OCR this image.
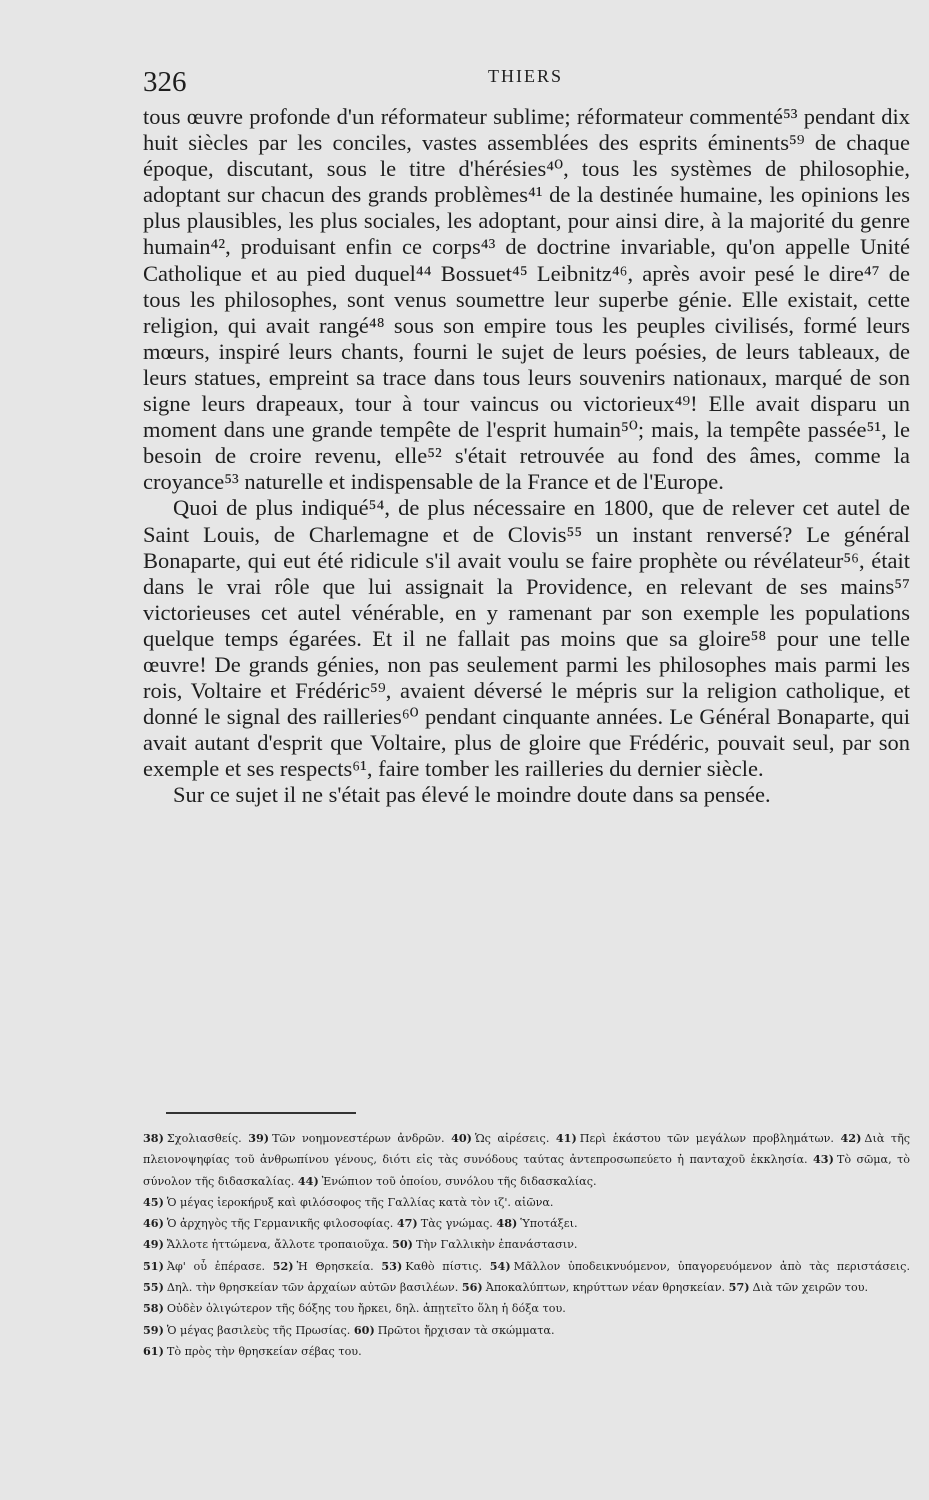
326	THIERS

tous œuvre profonde d'un réformateur sublime; réformateur commenté⁵³ pendant dix huit siècles par les conciles, vastes assemblées des esprits éminents⁵⁹ de chaque époque, discutant, sous le titre d'hérésies⁴⁰, tous les systèmes de philosophie, adoptant sur chacun des grands problèmes⁴¹ de la destinée humaine, les opinions les plus plausibles, les plus sociales, les adoptant, pour ainsi dire, à la majorité du genre humain⁴², produisant enfin ce corps⁴³ de doctrine invariable, qu'on appelle Unité Catholique et au pied duquel⁴⁴ Bossuet⁴⁵ Leibnitz⁴⁶, après avoir pesé le dire⁴⁷ de tous les philosophes, sont venus soumettre leur superbe génie. Elle existait, cette religion, qui avait rangé⁴⁸ sous son empire tous les peuples civilisés, formé leurs mœurs, inspiré leurs chants, fourni le sujet de leurs poésies, de leurs tableaux, de leurs statues, empreint sa trace dans tous leurs souvenirs nationaux, marqué de son signe leurs drapeaux, tour à tour vaincus ou victorieux⁴⁹! Elle avait disparu un moment dans une grande tempête de l'esprit humain⁵⁰; mais, la tempête passée⁵¹, le besoin de croire revenu, elle⁵² s'était retrouvée au fond des âmes, comme la croyance⁵³ naturelle et indispensable de la France et de l'Europe.

Quoi de plus indiqué⁵⁴, de plus nécessaire en 1800, que de relever cet autel de Saint Louis, de Charlemagne et de Clovis⁵⁵ un instant renversé? Le général Bonaparte, qui eut été ridicule s'il avait voulu se faire prophète ou révélateur⁵⁶, était dans le vrai rôle que lui assignait la Providence, en relevant de ses mains⁵⁷ victorieuses cet autel vénérable, en y ramenant par son exemple les populations quelque temps égarées. Et il ne fallait pas moins que sa gloire⁵⁸ pour une telle œuvre! De grands génies, non pas seulement parmi les philosophes mais parmi les rois, Voltaire et Frédéric⁵⁹, avaient déversé le mépris sur la religion catholique, et donné le signal des railleries⁶⁰ pendant cinquante années. Le Général Bonaparte, qui avait autant d'esprit que Voltaire, plus de gloire que Frédéric, pouvait seul, par son exemple et ses respects⁶¹, faire tomber les railleries du dernier siècle.

Sur ce sujet il ne s'était pas élevé le moindre doute dans sa pensée.

38) Σχολιασθείς. 39) Τῶν νοημονεστέρων ἀνδρῶν. 40) Ὡς αἱρέσεις. 41) Περὶ ἑκάστου τῶν μεγάλων προβλημάτων. 42) Διὰ τῆς πλειονοψηφίας τοῦ ἀνθρωπίνου γένους, διότι εἰς τὰς συνόδους ταύτας ἀντεπροσωπεύετο ἡ πανταχοῦ ἐκκλησία. 43) Τὸ σῶμα, τὸ σύνολον τῆς διδασκαλίας. 44) Ἐνώπιον τοῦ ὁποίου, συνόλου τῆς διδασκαλίας.

45) Ὁ μέγας ἱεροκήρυξ καὶ φιλόσοφος τῆς Γαλλίας κατὰ τὸν ιζ'. αἰῶνα.

46) Ὁ ἀρχηγὸς τῆς Γερμανικῆς φιλοσοφίας. 47) Τὰς γνώμας. 48) Ὑποτάξει.

49) Ἄλλοτε ἡττώμενα, ἄλλοτε τροπαιοῦχα. 50) Τὴν Γαλλικὴν ἐπανάστασιν.

51) Ἀφ' οὗ ἐπέρασε. 52) Ἡ Θρησκεία. 53) Καθὸ πίστις. 54) Μᾶλλον ὑποδεικνυόμενον, ὑπαγορευόμενον ἀπὸ τὰς περιστάσεις. 55) Δηλ. τὴν θρησκείαν τῶν ἀρχαίων αὐτῶν βασιλέων. 56) Ἀποκαλύπτων, κηρύττων νέαν θρησκείαν. 57) Διὰ τῶν χειρῶν του.

58) Οὐδὲν ὀλιγώτερον τῆς δόξης του ἤρκει, δηλ. ἀπῃτεῖτο ὅλη ἡ δόξα του.

59) Ὁ μέγας βασιλεὺς τῆς Πρωσίας. 60) Πρῶτοι ἤρχισαν τὰ σκώμματα.

61) Τὸ πρὸς τὴν θρησκείαν σέβας του.
